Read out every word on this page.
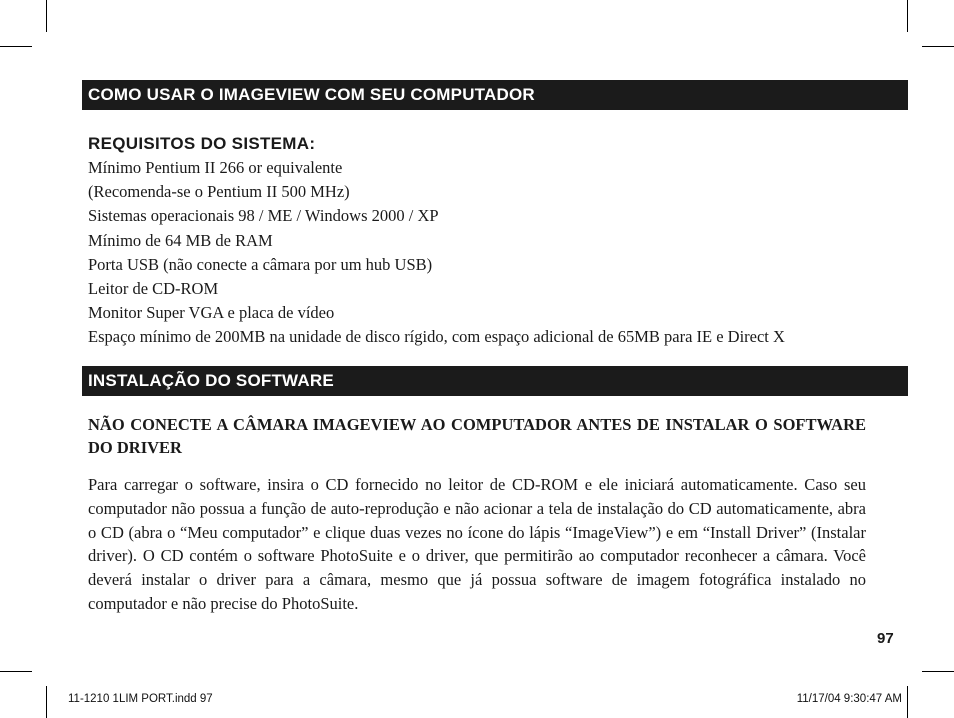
COMO USAR O IMAGEVIEW COM SEU COMPUTADOR
REQUISITOS DO SISTEMA:
Mínimo Pentium II 266 or equivalente
(Recomenda-se o Pentium II 500 MHz)
Sistemas operacionais 98 / ME / Windows 2000 / XP
Mínimo de 64 MB de RAM
Porta USB (não conecte a câmara por um hub USB)
Leitor de CD-ROM
Monitor Super VGA e placa de vídeo
Espaço mínimo de 200MB na unidade de disco rígido, com espaço adicional de 65MB para IE e Direct X
INSTALAÇÃO DO SOFTWARE

NÃO CONECTE A CÂMARA IMAGEVIEW AO COMPUTADOR ANTES DE INSTALAR O SOFTWARE DO DRIVER

Para carregar o software, insira o CD fornecido no leitor de CD-ROM e ele iniciará automaticamente. Caso seu computador não possua a função de auto-reprodução e não acionar a tela de instalação do CD automaticamente, abra o CD (abra o “Meu computador” e clique duas vezes no ícone do lápis “ImageView”) e em “Install Driver” (Instalar driver). O CD contém o software PhotoSuite e o driver, que permitirão ao computador reconhecer a câmara. Você deverá instalar o driver para a câmara, mesmo que já possua software de imagem fotográfica instalado no computador e não precise do PhotoSuite.

97
11-1210 1LIM PORT.indd 97	11/17/04 9:30:47 AM
